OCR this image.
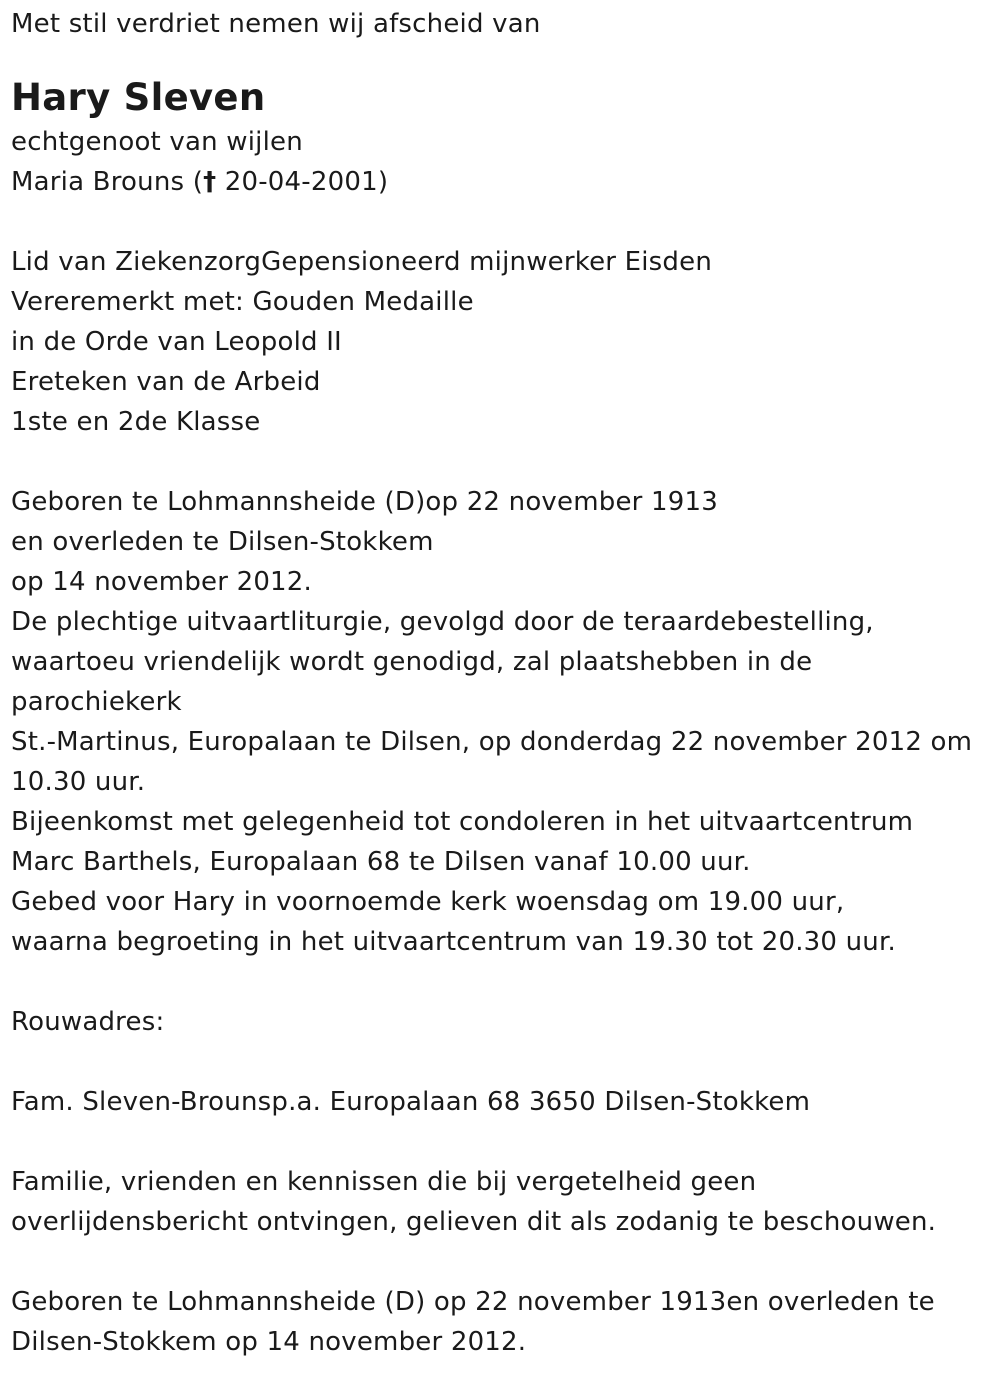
Met stil verdriet nemen wij afscheid van
Hary Sleven
echtgenoot van wijlen
Maria Brouns († 20-04-2001)
Lid van ZiekenzorgGepensioneerd mijnwerker Eisden
Vereremerkt met: Gouden Medaille
in de Orde van Leopold II
Ereteken van de Arbeid
1ste en 2de Klasse
Geboren te Lohmannsheide (D)op 22 november 1913
en overleden te Dilsen-Stokkem
op 14 november 2012.
De plechtige uitvaartliturgie, gevolgd door de teraardebestelling,
waartoeu vriendelijk wordt genodigd, zal plaatshebben in de
parochiekerk
St.-Martinus, Europalaan te Dilsen, op donderdag 22 november 2012 om
10.30 uur.
Bijeenkomst met gelegenheid tot condoleren in het uitvaartcentrum
Marc Barthels, Europalaan 68 te Dilsen vanaf 10.00 uur.
Gebed voor Hary in voornoemde kerk woensdag om 19.00 uur,
waarna begroeting in het uitvaartcentrum van 19.30 tot 20.30 uur.
Rouwadres:
Fam. Sleven-Brounsp.a. Europalaan 68 3650 Dilsen-Stokkem
Familie, vrienden en kennissen die bij vergetelheid geen
overlijdensbericht ontvingen, gelieven dit als zodanig te beschouwen.
Geboren te Lohmannsheide (D) op 22 november 1913en overleden te
Dilsen-Stokkem op 14 november 2012.
